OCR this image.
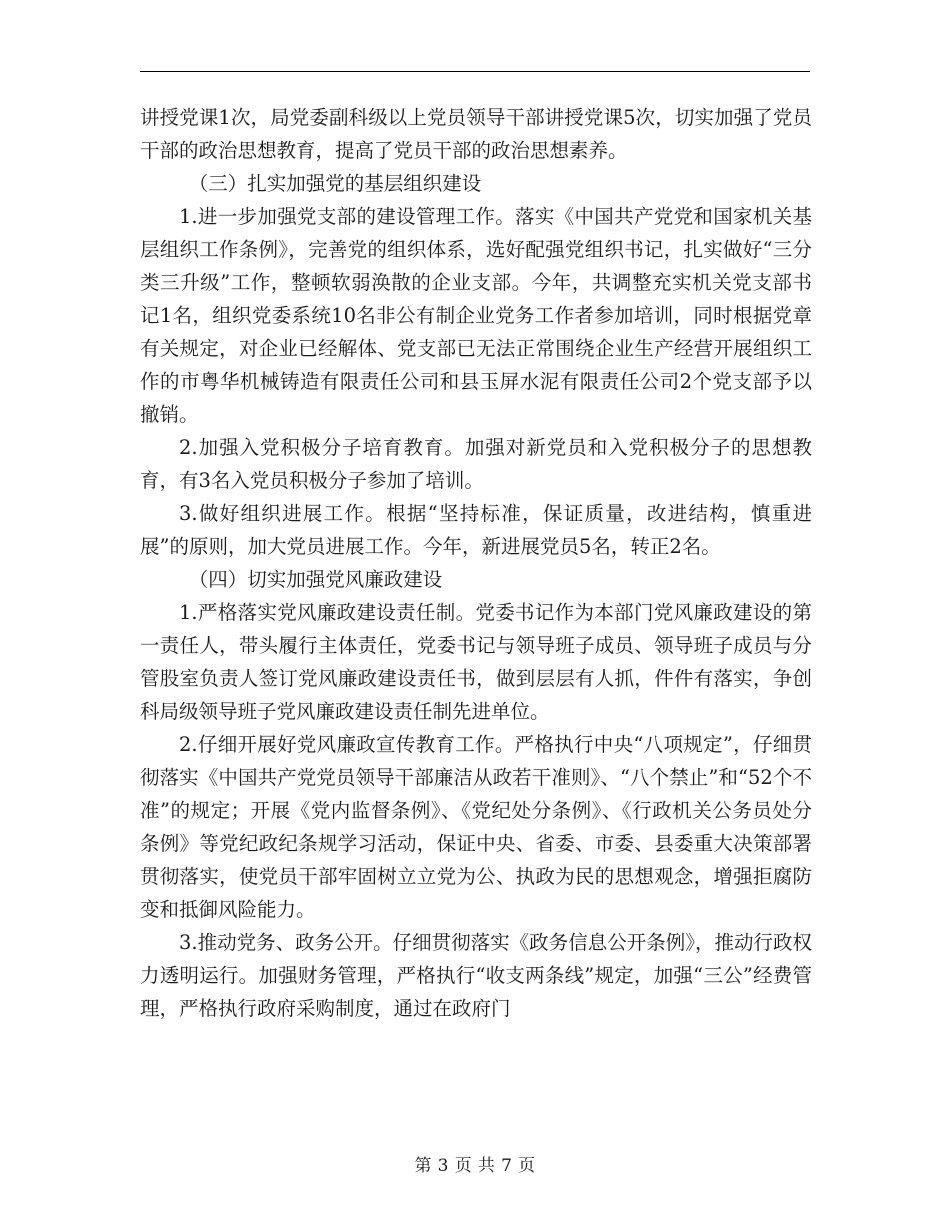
讲授党课1次，局党委副科级以上党员领导干部讲授党课5次，切实加强了党员干部的政治思想教育，提高了党员干部的政治思想素养。

（三）扎实加强党的基层组织建设

1.进一步加强党支部的建设管理工作。落实《中国共产党党和国家机关基层组织工作条例》，完善党的组织体系，选好配强党组织书记，扎实做好“三分类三升级”工作，整顿软弱涣散的企业支部。今年，共调整充实机关党支部书记1名，组织党委系统10名非公有制企业党务工作者参加培训，同时根据党章有关规定，对企业已经解体、党支部已无法正常围绕企业生产经营开展组织工作的市粤华机械铸造有限责任公司和县玉屏水泥有限责任公司2个党支部予以撤销。

2.加强入党积极分子培育教育。加强对新党员和入党积极分子的思想教育，有3名入党员积极分子参加了培训。

3.做好组织进展工作。根据“坚持标准，保证质量，改进结构，慎重进展”的原则，加大党员进展工作。今年，新进展党员5名，转正2名。

（四）切实加强党风廉政建设

1.严格落实党风廉政建设责任制。党委书记作为本部门党风廉政建设的第一责任人，带头履行主体责任，党委书记与领导班子成员、领导班子成员与分管股室负责人签订党风廉政建设责任书，做到层层有人抓，件件有落实，争创科局级领导班子党风廉政建设责任制先进单位。

2.仔细开展好党风廉政宣传教育工作。严格执行中央“八项规定”，仔细贯彻落实《中国共产党党员领导干部廉洁从政若干准则》、“八个禁止”和“52个不准”的规定；开展《党内监督条例》、《党纪处分条例》、《行政机关公务员处分条例》等党纪政纪条规学习活动，保证中央、省委、市委、县委重大决策部署贯彻落实，使党员干部牢固树立立党为公、执政为民的思想观念，增强拒腐防变和抵御风险能力。

3.推动党务、政务公开。仔细贯彻落实《政务信息公开条例》，推动行政权力透明运行。加强财务管理，严格执行“收支两条线”规定，加强“三公”经费管理，严格执行政府采购制度，通过在政府门

第 3 页 共 7 页
